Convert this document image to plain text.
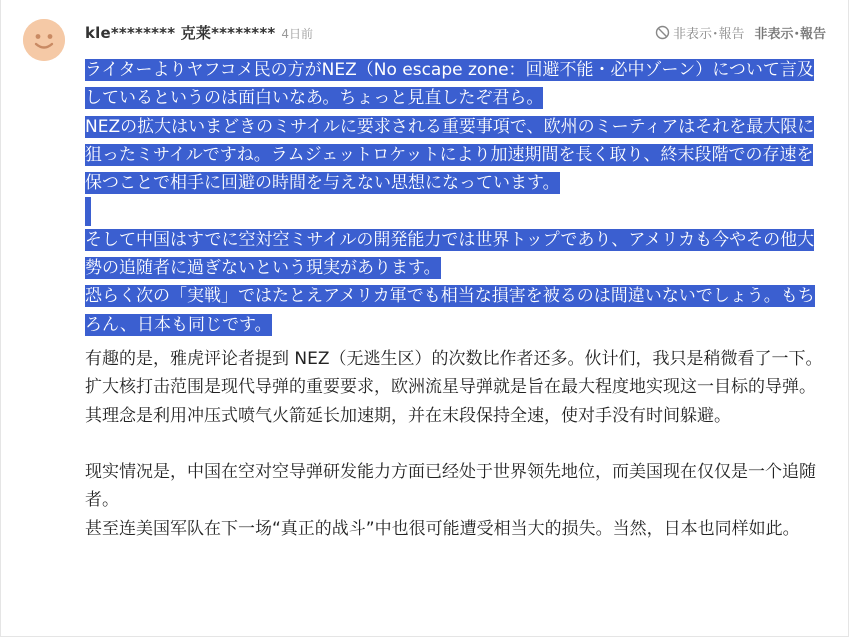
kle******** 克莱******** 4日前	非表示･報告 非表示･報告
ライターよりヤフコメ民の方がNEZ（No escape zone：回避不能・必中ゾーン）について言及しているというのは面白いなあ。ちょっと見直したぞ君ら。
NEZの拡大はいまどきのミサイルに要求される重要事項で、欧州のミーティアはそれを最大限に狙ったミサイルですね。ラムジェットロケットにより加速期間を長く取り、終末段階での存速を保つことで相手に回避の時間を与えない思想になっています。
そして中国はすでに空対空ミサイルの開発能力では世界トップであり、アメリカも今やその他大勢の追随者に過ぎないという現実があります。
恐らく次の「実戦」ではたとえアメリカ軍でも相当な損害を被るのは間違いないでしょう。もちろん、日本も同じです。
有趣的是，雅虎评论者提到 NEZ（无逃生区）的次数比作者还多。伙计们，我只是稍微看了一下。
扩大核打击范围是现代导弹的重要要求，欧洲流星导弹就是旨在最大程度地实现这一目标的导弹。其理念是利用冲压式喷气火箭延长加速期，并在末段保持全速，使对手没有时间躲避。
现实情况是，中国在空对空导弹研发能力方面已经处于世界领先地位，而美国现在仅仅是一个追随者。
甚至连美国军队在下一场“真正的战斗”中也很可能遭受相当大的损失。当然，日本也同样如此。
